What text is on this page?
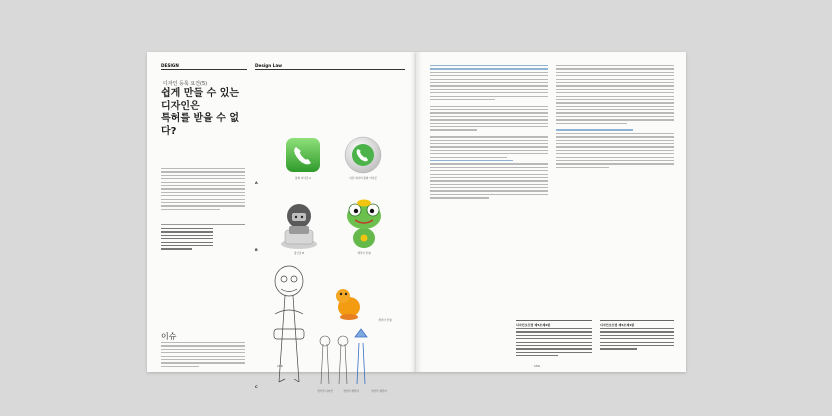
DESIGN	Design Law
디자인 등록 요건(5)
쉽게 만들 수 있는
디자인은
특허를 받을 수 없다?
이슈
A
통화 아이콘 A	다른 회사의 통화 아이콘
B
장난감 B	캐릭터 인형
C
캐릭터 인형
젓가락 디자인	젓가락 캐릭터	젓가락 캐릭터
156
디자인보호법 제5조제2항	디자인보호법 제5조제1항
159
